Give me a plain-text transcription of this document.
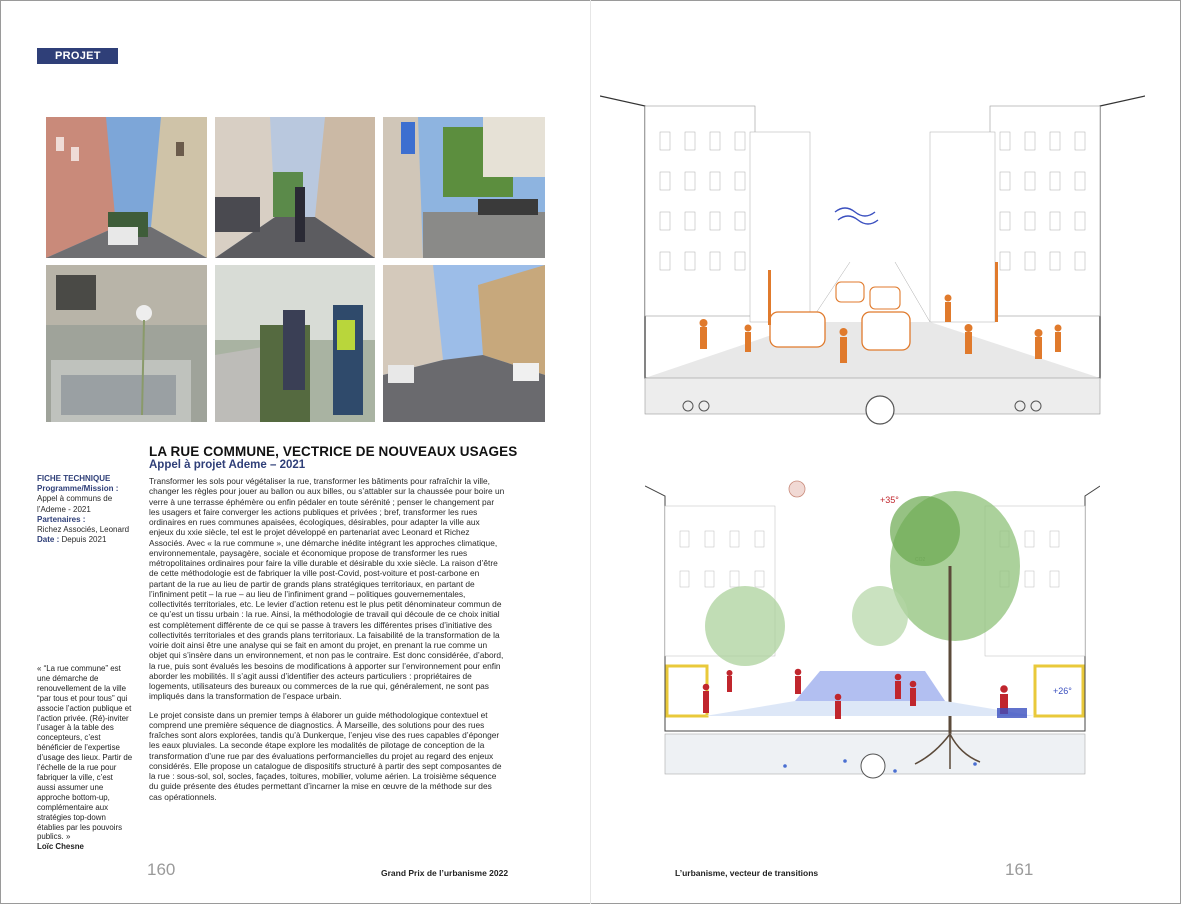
PROJET
LA RUE COMMUNE, VECTRICE DE NOUVEAUX USAGES
Appel à projet Ademe – 2021
FICHE TECHNIQUE
Programme/Mission :
Appel à communs de l’Ademe - 2021
Partenaires :
Richez Associés, Leonard
Date : Depuis 2021
« “La rue commune” est une démarche de renouvellement de la ville “par tous et pour tous” qui associe l’action publique et l’action privée. (Ré)-inviter l’usager à la table des concepteurs, c’est bénéficier de l’expertise d’usage des lieux. Partir de l’échelle de la rue pour fabriquer la ville, c’est aussi assumer une approche bottom-up, complémentaire aux stratégies top-down établies par les pouvoirs publics. »
Loïc Chesne

Transformer les sols pour végétaliser la rue, transformer les bâtiments pour rafraîchir la ville, changer les règles pour jouer au ballon ou aux billes, ou s’attabler sur la chaussée pour boire un verre à une terrasse éphémère ou enfin pédaler en toute sérénité ; penser le changement par les usagers et faire converger les actions publiques et privées ; bref, transformer les rues ordinaires en rues communes apaisées, écologiques, désirables, pour adapter la ville aux enjeux du xxie siècle, tel est le projet développé en partenariat avec Leonard et Richez Associés. Avec « la rue commune », une démarche inédite intégrant les approches climatique, environnementale, paysagère, sociale et économique propose de transformer les rues métropolitaines ordinaires pour faire la ville durable et désirable du xxie siècle. La raison d’être de cette méthodologie est de fabriquer la ville post-Covid, post-voiture et post-carbone en partant de la rue au lieu de partir de grands plans stratégiques territoriaux, en partant de l’infiniment petit – la rue – au lieu de l’infiniment grand – politiques gouvernementales, collectivités territoriales, etc. Le levier d’action retenu est le plus petit dénominateur commun de ce qu’est un tissu urbain : la rue. Ainsi, la méthodologie de travail qui découle de ce choix initial est complètement différente de ce qui se passe à travers les différentes prises d’initiative des collectivités territoriales et des grands plans territoriaux. La faisabilité de la transformation de la voirie doit ainsi être une analyse qui se fait en amont du projet, en prenant la rue comme un objet qui s’insère dans un environnement, et non pas le contraire. Est donc considérée, d’abord, la rue, puis sont évalués les besoins de modifications à apporter sur l’environnement pour enfin aborder les mobilités. Il s’agit aussi d’identifier des acteurs particuliers : propriétaires de logements, utilisateurs des bureaux ou commerces de la rue qui, généralement, ne sont pas impliqués dans la transformation de l’espace urbain.

Le projet consiste dans un premier temps à élaborer un guide méthodologique contextuel et comprend une première séquence de diagnostics. À Marseille, des solutions pour des rues fraîches sont alors explorées, tandis qu’à Dunkerque, l’enjeu vise des rues capables d’éponger les eaux pluviales. La seconde étape explore les modalités de pilotage de conception de la transformation d’une rue par des évaluations performancielles du projet au regard des enjeux considérés. Elle propose un catalogue de dispositifs structuré à partir des sept composantes de la rue : sous-sol, sol, socles, façades, toitures, mobilier, volume aérien. La troisième séquence du guide présente des études permettant d’incarner la mise en œuvre de la méthode sur des cas opérationnels.

+35°
+26°
160	Grand Prix de l’urbanisme 2022	L’urbanisme, vecteur de transitions	161
